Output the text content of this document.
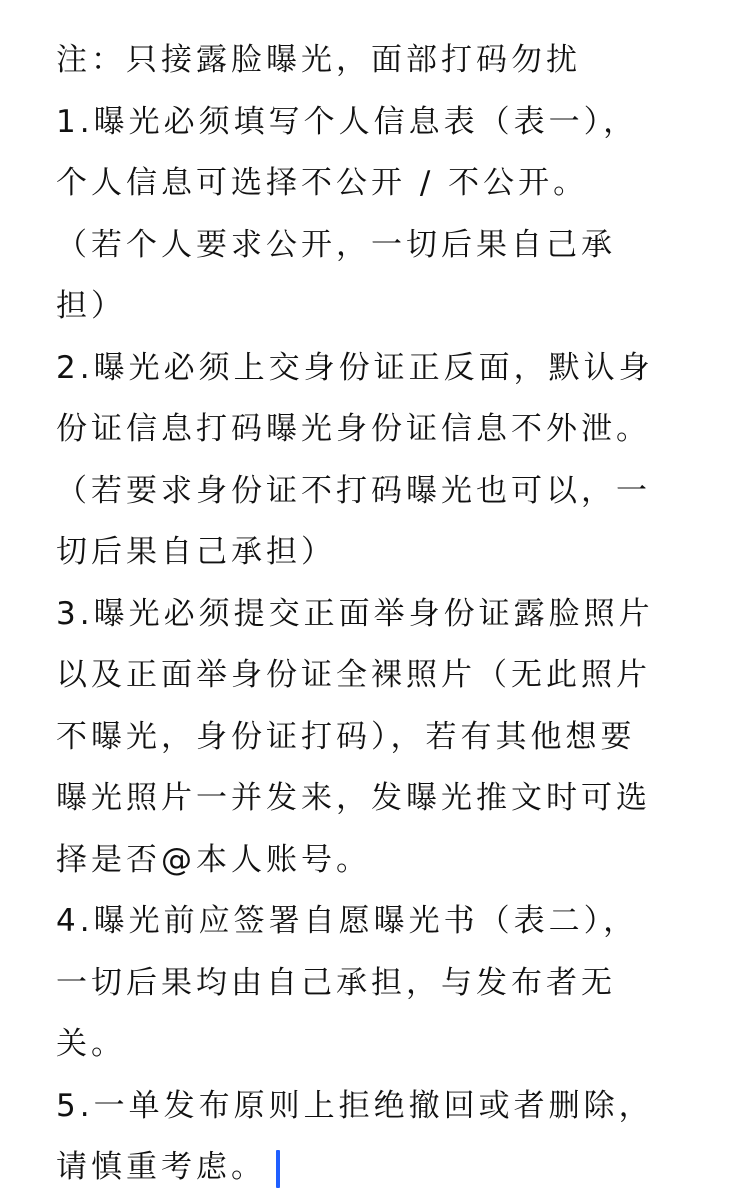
注：只接露脸曝光，面部打码勿扰
1.曝光必须填写个人信息表（表一），
个人信息可选择不公开 / 不公开。
（若个人要求公开，一切后果自己承
担）
2.曝光必须上交身份证正反面，默认身
份证信息打码曝光身份证信息不外泄。
（若要求身份证不打码曝光也可以，一
切后果自己承担）
3.曝光必须提交正面举身份证露脸照片
以及正面举身份证全裸照片（无此照片
不曝光，身份证打码），若有其他想要
曝光照片一并发来，发曝光推文时可选
择是否@本人账号。
4.曝光前应签署自愿曝光书（表二），
一切后果均由自己承担，与发布者无
关。
5.一单发布原则上拒绝撤回或者删除，
请慎重考虑。
